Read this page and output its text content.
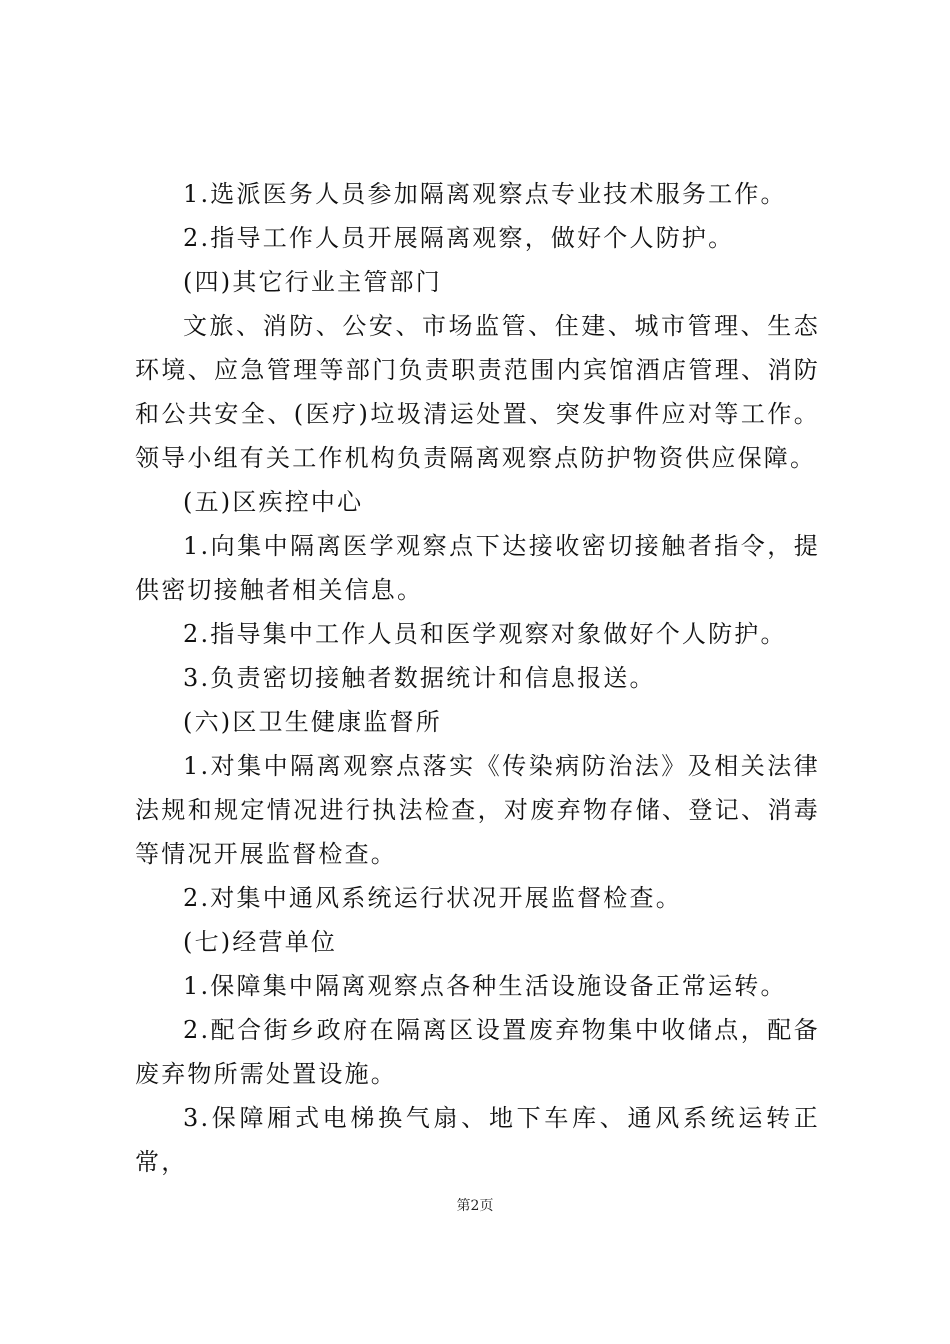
1.选派医务人员参加隔离观察点专业技术服务工作。

2.指导工作人员开展隔离观察，做好个人防护。

(四)其它行业主管部门

文旅、消防、公安、市场监管、住建、城市管理、生态环境、应急管理等部门负责职责范围内宾馆酒店管理、消防和公共安全、(医疗)垃圾清运处置、突发事件应对等工作。领导小组有关工作机构负责隔离观察点防护物资供应保障。

(五)区疾控中心

1.向集中隔离医学观察点下达接收密切接触者指令，提供密切接触者相关信息。

2.指导集中工作人员和医学观察对象做好个人防护。

3.负责密切接触者数据统计和信息报送。

(六)区卫生健康监督所

1.对集中隔离观察点落实《传染病防治法》及相关法律法规和规定情况进行执法检查，对废弃物存储、登记、消毒等情况开展监督检查。

2.对集中通风系统运行状况开展监督检查。

(七)经营单位

1.保障集中隔离观察点各种生活设施设备正常运转。

2.配合街乡政府在隔离区设置废弃物集中收储点，配备废弃物所需处置设施。

3.保障厢式电梯换气扇、地下车库、通风系统运转正常，

第2页
